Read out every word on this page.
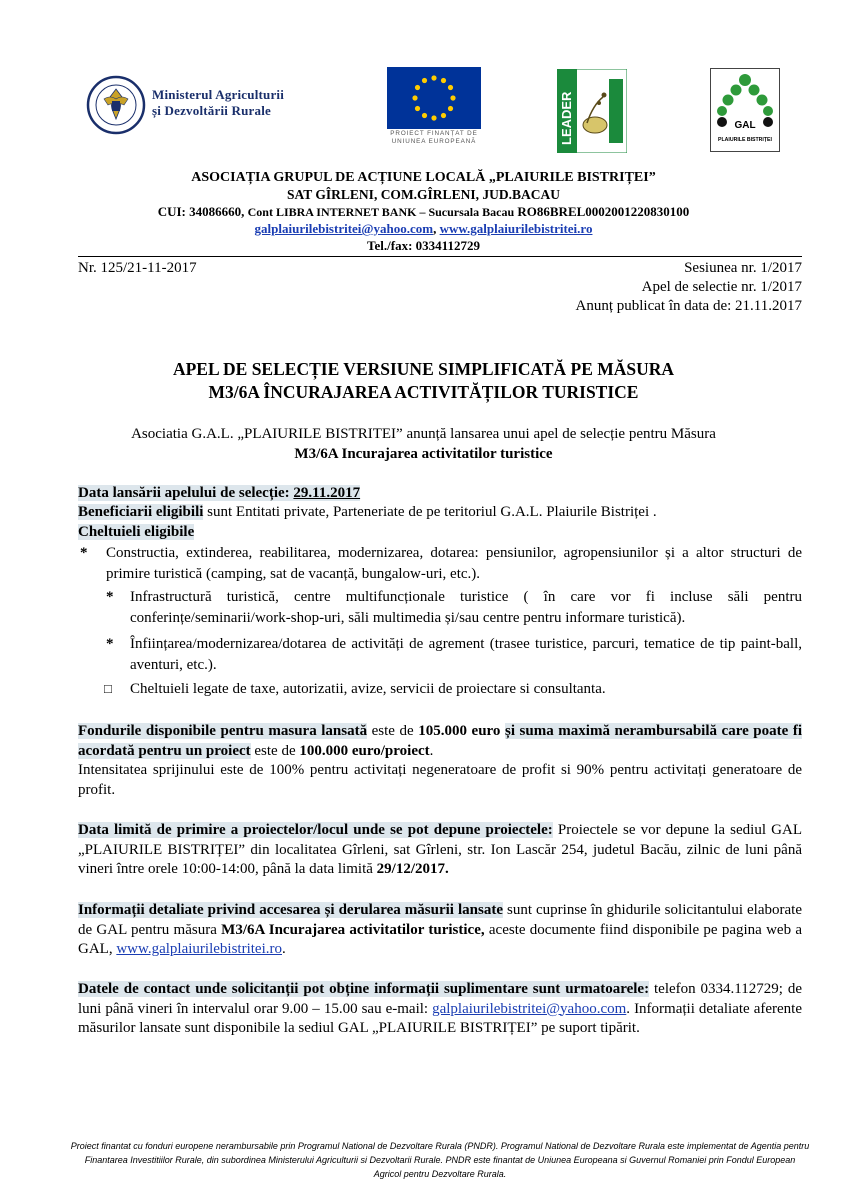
Ministerul Agriculturii
și Dezvoltării Rurale
PROIECT FINANȚAT DE UNIUNEA EUROPEANĂ	LEADER	GAL
PLAIURILE BISTRIȚEI
ASOCIAȚIA GRUPUL DE ACȚIUNE LOCALĂ „PLAIURILE BISTRIȚEI”
SAT GÎRLENI, COM.GÎRLENI, JUD.BACAU
CUI: 34086660, Cont LIBRA INTERNET BANK – Sucursala Bacau RO86BREL0002001220830100
galplaiurilebistritei@yahoo.com, www.galplaiurilebistritei.ro
Tel./fax: 0334112729
Nr. 125/21-11-2017	Sesiunea nr. 1/2017
Apel de selectie nr. 1/2017
Anunț publicat în data de: 21.11.2017
APEL DE SELECȚIE VERSIUNE SIMPLIFICATĂ PE MĂSURA
M3/6A ÎNCURAJAREA ACTIVITĂȚILOR TURISTICE
Asociatia G.A.L. „PLAIURILE BISTRITEI” anunță lansarea unui apel de selecție pentru Măsura
M3/6A Incurajarea activitatilor turistice
Data lansării apelului de selecție: 29.11.2017
Beneficiarii eligibili sunt Entitati private, Parteneriate de pe teritoriul G.A.L. Plaiurile Bistriței .
Cheltuieli eligibile
* Constructia, extinderea, reabilitarea, modernizarea, dotarea: pensiunilor, agropensiunilor și a altor structuri de primire turistică (camping, sat de vacanță, bungalow-uri, etc.).
* Infrastructură turistică, centre multifuncționale turistice ( în care vor fi incluse săli pentru conferințe/seminarii/work-shop-uri, săli multimedia și/sau centre pentru informare turistică).
* Înființarea/modernizarea/dotarea de activități de agrement (trasee turistice, parcuri, tematice de tip paint-ball, aventuri, etc.).
□ Cheltuieli legate de taxe, autorizatii, avize, servicii de proiectare si consultanta.
Fondurile disponibile pentru masura lansată este de 105.000 euro și suma maximă nerambursabilă care poate fi acordată pentru un proiect este de 100.000 euro/proiect.
Intensitatea sprijinului este de 100% pentru activitați negeneratoare de profit si 90% pentru activitați generatoare de profit.
Data limită de primire a proiectelor/locul unde se pot depune proiectele: Proiectele se vor depune la sediul GAL „PLAIURILE BISTRIȚEI” din localitatea Gîrleni, sat Gîrleni, str. Ion Lascăr 254, judetul Bacău, zilnic de luni până vineri între orele 10:00-14:00, până la data limită 29/12/2017.
Informații detaliate privind accesarea și derularea măsurii lansate sunt cuprinse în ghidurile solicitantului elaborate de GAL pentru măsura M3/6A Incurajarea activitatilor turistice, aceste documente fiind disponibile pe pagina web a GAL, www.galplaiurilebistritei.ro.
Datele de contact unde solicitanții pot obține informații suplimentare sunt urmatoarele: telefon 0334.112729; de luni până vineri în intervalul orar 9.00 – 15.00 sau e-mail: galplaiurilebistritei@yahoo.com. Informații detaliate aferente măsurilor lansate sunt disponibile la sediul GAL „PLAIURILE BISTRIȚEI” pe suport tipărit.
Proiect finantat cu fonduri europene nerambursabile prin Programul National de Dezvoltare Rurala (PNDR). Programul National de Dezvoltare Rurala este implementat de Agentia pentru Finantarea Investitiilor Rurale, din subordinea Ministerului Agriculturii si Dezvoltarii Rurale. PNDR este finantat de Uniunea Europeana si Guvernul Romaniei prin Fondul European Agricol pentru Dezvoltare Rurala.
